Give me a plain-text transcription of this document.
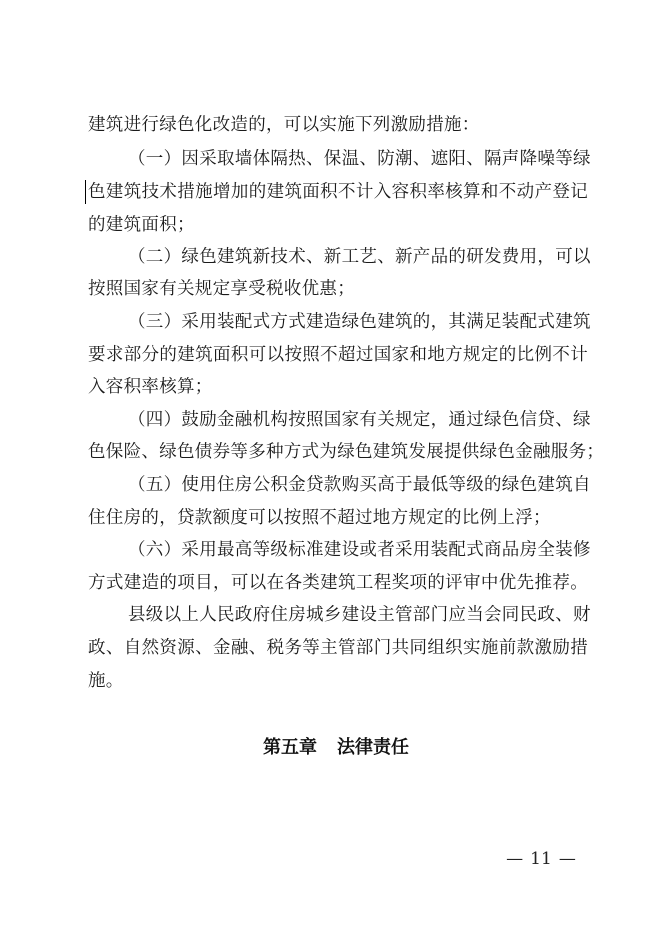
建筑进行绿色化改造的，可以实施下列激励措施：
（一）因采取墙体隔热、保温、防潮、遮阳、隔声降噪等绿
色建筑技术措施增加的建筑面积不计入容积率核算和不动产登记
的建筑面积；
（二）绿色建筑新技术、新工艺、新产品的研发费用，可以
按照国家有关规定享受税收优惠；
（三）采用装配式方式建造绿色建筑的，其满足装配式建筑
要求部分的建筑面积可以按照不超过国家和地方规定的比例不计
入容积率核算；
（四）鼓励金融机构按照国家有关规定，通过绿色信贷、绿
色保险、绿色债券等多种方式为绿色建筑发展提供绿色金融服务；
（五）使用住房公积金贷款购买高于最低等级的绿色建筑自
住住房的，贷款额度可以按照不超过地方规定的比例上浮；
（六）采用最高等级标准建设或者采用装配式商品房全装修
方式建造的项目，可以在各类建筑工程奖项的评审中优先推荐。
县级以上人民政府住房城乡建设主管部门应当会同民政、财
政、自然资源、金融、税务等主管部门共同组织实施前款激励措
施。
第五章 法律责任
— 11 —
